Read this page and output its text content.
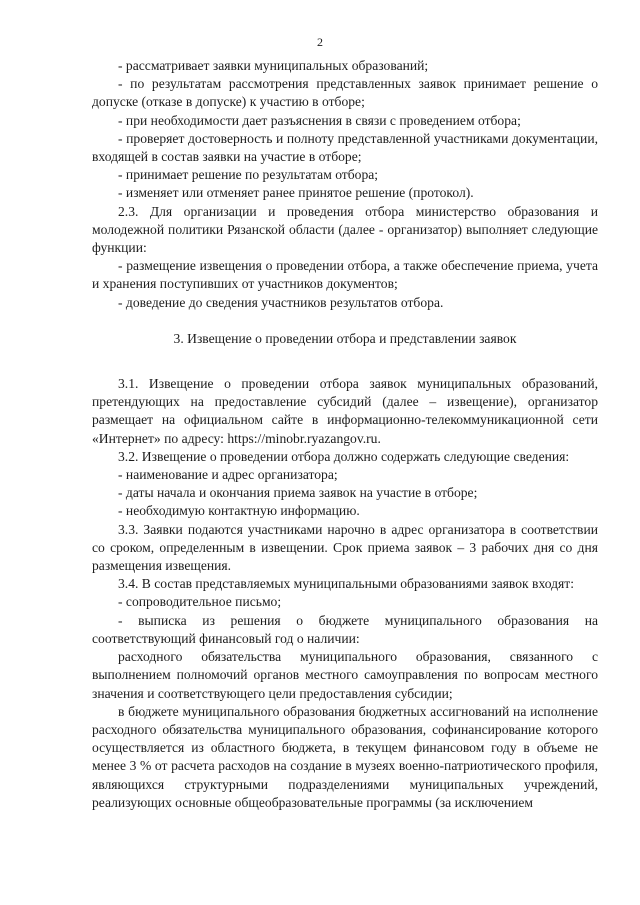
2

- рассматривает заявки муниципальных образований;

- по результатам рассмотрения представленных заявок принимает решение о допуске (отказе в допуске) к участию в отборе;

- при необходимости дает разъяснения в связи с проведением отбора;

- проверяет достоверность и полноту представленной участниками документации, входящей в состав заявки на участие в отборе;

- принимает решение по результатам отбора;

- изменяет или отменяет ранее принятое решение (протокол).

2.3. Для организации и проведения отбора министерство образования и молодежной политики Рязанской области (далее - организатор) выполняет следующие функции:

- размещение извещения о проведении отбора, а также обеспечение приема, учета и хранения поступивших от участников документов;

- доведение до сведения участников результатов отбора.

3. Извещение о проведении отбора и представлении заявок

3.1. Извещение о проведении отбора заявок муниципальных образований, претендующих на предоставление субсидий (далее – извещение), организатор размещает на официальном сайте в информационно-телекоммуникационной сети «Интернет» по адресу: https://minobr.ryazangov.ru.

3.2. Извещение о проведении отбора должно содержать следующие сведения:

- наименование и адрес организатора;

- даты начала и окончания приема заявок на участие в отборе;

- необходимую контактную информацию.

3.3. Заявки подаются участниками нарочно в адрес организатора в соответствии со сроком, определенным в извещении. Срок приема заявок – 3 рабочих дня со дня размещения извещения.

3.4. В состав представляемых муниципальными образованиями заявок входят:

- сопроводительное письмо;

- выписка из решения о бюджете муниципального образования на соответствующий финансовый год о наличии:

расходного обязательства муниципального образования, связанного с выполнением полномочий органов местного самоуправления по вопросам местного значения и соответствующего цели предоставления субсидии;

в бюджете муниципального образования бюджетных ассигнований на исполнение расходного обязательства муниципального образования, софинансирование которого осуществляется из областного бюджета, в текущем финансовом году в объеме не менее 3 % от расчета расходов на создание в музеях военно-патриотического профиля, являющихся структурными подразделениями муниципальных учреждений, реализующих основные общеобразовательные программы (за исключением
